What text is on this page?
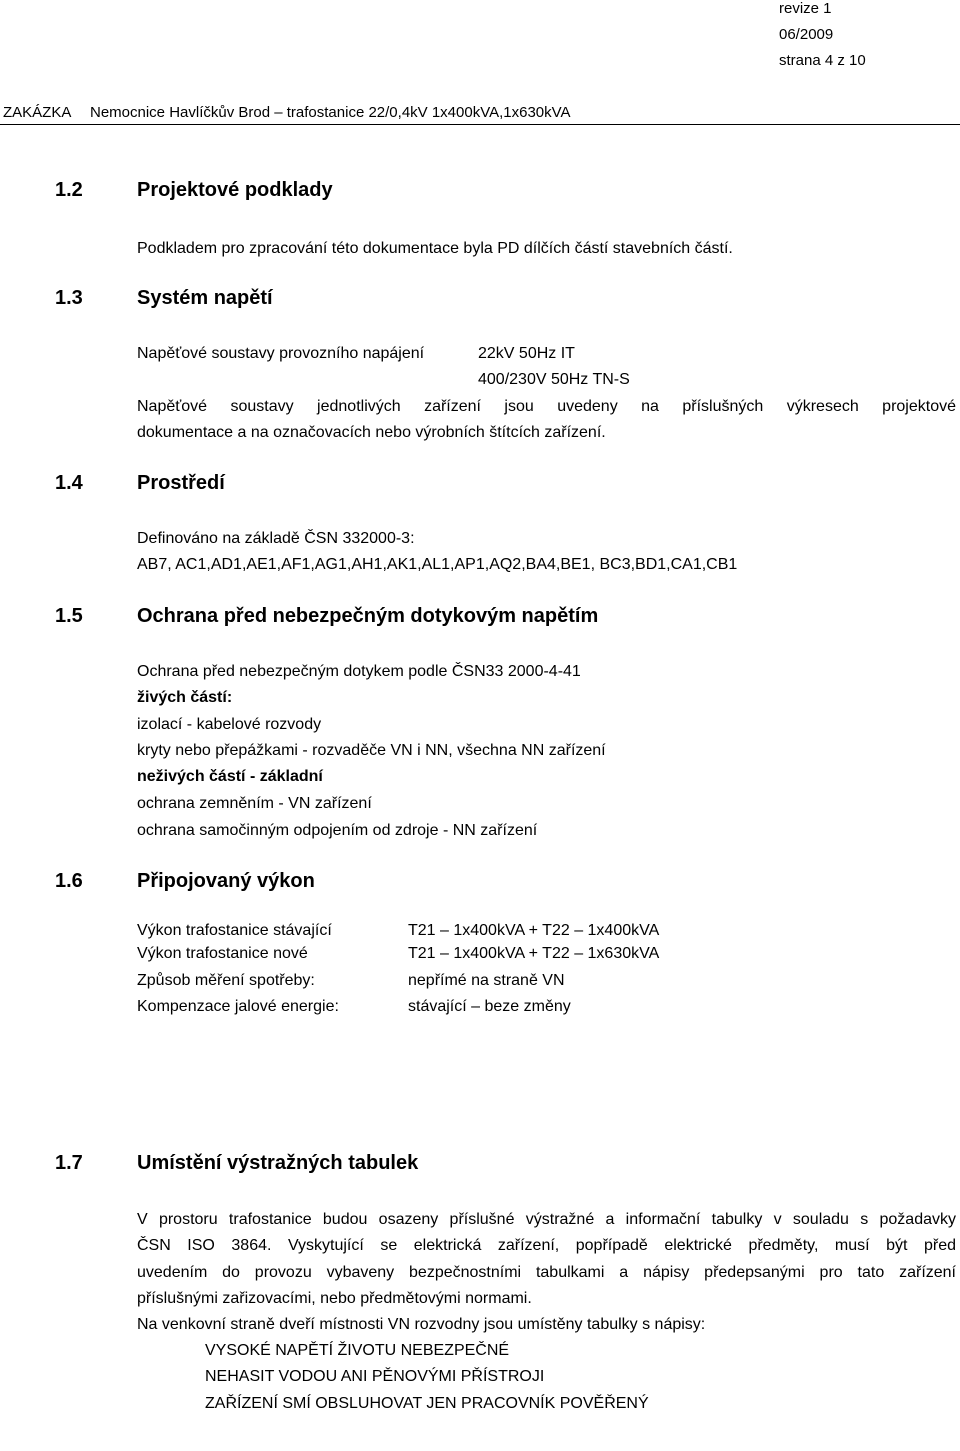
revize 1
06/2009
strana 4 z 10
ZAKÁZKA Nemocnice Havlíčkův Brod – trafostanice 22/0,4kV 1x400kVA,1x630kVA
1.2	Projektové podklady
Podkladem pro zpracování této dokumentace byla PD dílčích částí stavebních částí.
1.3	Systém napětí
Napěťové soustavy provozního napájení	22kV 50Hz IT
400/230V 50Hz TN-S
Napěťové soustavy jednotlivých zařízení jsou uvedeny na příslušných výkresech projektové
dokumentace a na označovacích nebo výrobních štítcích zařízení.
1.4	Prostředí
Definováno na základě ČSN 332000-3:
AB7, AC1,AD1,AE1,AF1,AG1,AH1,AK1,AL1,AP1,AQ2,BA4,BE1, BC3,BD1,CA1,CB1
1.5	Ochrana před nebezpečným dotykovým napětím
Ochrana před nebezpečným dotykem podle ČSN33 2000-4-41
živých částí:
izolací - kabelové rozvody
kryty nebo přepážkami - rozvaděče VN i NN, všechna NN zařízení
neživých částí - základní
ochrana zemněním - VN zařízení
ochrana samočinným odpojením od zdroje - NN zařízení
1.6	Připojovaný výkon
Výkon trafostanice stávající	T21 – 1x400kVA + T22 – 1x400kVA
Výkon trafostanice nové	T21 – 1x400kVA + T22 – 1x630kVA
Způsob měření spotřeby:	nepřímé na straně VN
Kompenzace jalové energie:	stávající – beze změny
1.7	Umístění výstražných tabulek
V prostoru trafostanice budou osazeny příslušné výstražné a informační tabulky v souladu s požadavky
ČSN ISO 3864. Vyskytující se elektrická zařízení, popřípadě elektrické předměty, musí být před
uvedením do provozu vybaveny bezpečnostními tabulkami a nápisy předepsanými pro tato zařízení
příslušnými zařizovacími, nebo předmětovými normami.
Na venkovní straně dveří místnosti VN rozvodny jsou umístěny tabulky s nápisy:
VYSOKÉ NAPĚTÍ ŽIVOTU NEBEZPEČNÉ
NEHASIT VODOU ANI PĚNOVÝMI PŘÍSTROJI
ZAŘÍZENÍ SMÍ OBSLUHOVAT JEN PRACOVNÍK POVĚŘENÝ
